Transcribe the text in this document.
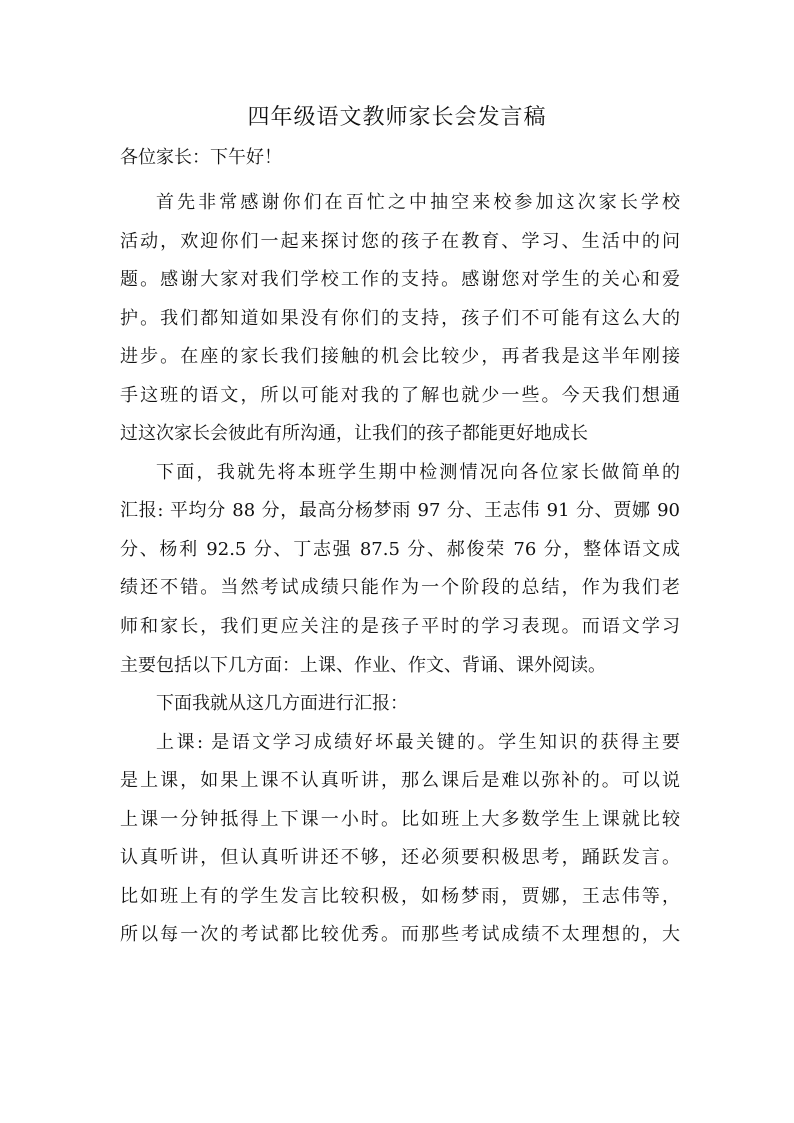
四年级语文教师家长会发言稿
各位家长：下午好！
首先非常感谢你们在百忙之中抽空来校参加这次家长学校
活动，欢迎你们一起来探讨您的孩子在教育、学习、生活中的问
题。感谢大家对我们学校工作的支持。感谢您对学生的关心和爱
护。我们都知道如果没有你们的支持，孩子们不可能有这么大的
进步。在座的家长我们接触的机会比较少，再者我是这半年刚接
手这班的语文，所以可能对我的了解也就少一些。今天我们想通
过这次家长会彼此有所沟通，让我们的孩子都能更好地成长
下面，我就先将本班学生期中检测情况向各位家长做简单的
汇报: 平均分 88 分，最高分杨梦雨 97 分、王志伟 91 分、贾娜 90
分、杨利 92.5 分、丁志强 87.5 分、郝俊荣 76 分，整体语文成
绩还不错。当然考试成绩只能作为一个阶段的总结，作为我们老
师和家长，我们更应关注的是孩子平时的学习表现。而语文学习
主要包括以下几方面：上课、作业、作文、背诵、课外阅读。
下面我就从这几方面进行汇报：
上课: 是语文学习成绩好坏最关键的。学生知识的获得主要
是上课，如果上课不认真听讲，那么课后是难以弥补的。可以说
上课一分钟抵得上下课一小时。比如班上大多数学生上课就比较
认真听讲，但认真听讲还不够，还必须要积极思考，踊跃发言。
比如班上有的学生发言比较积极，如杨梦雨，贾娜，王志伟等，
所以每一次的考试都比较优秀。而那些考试成绩不太理想的，大
